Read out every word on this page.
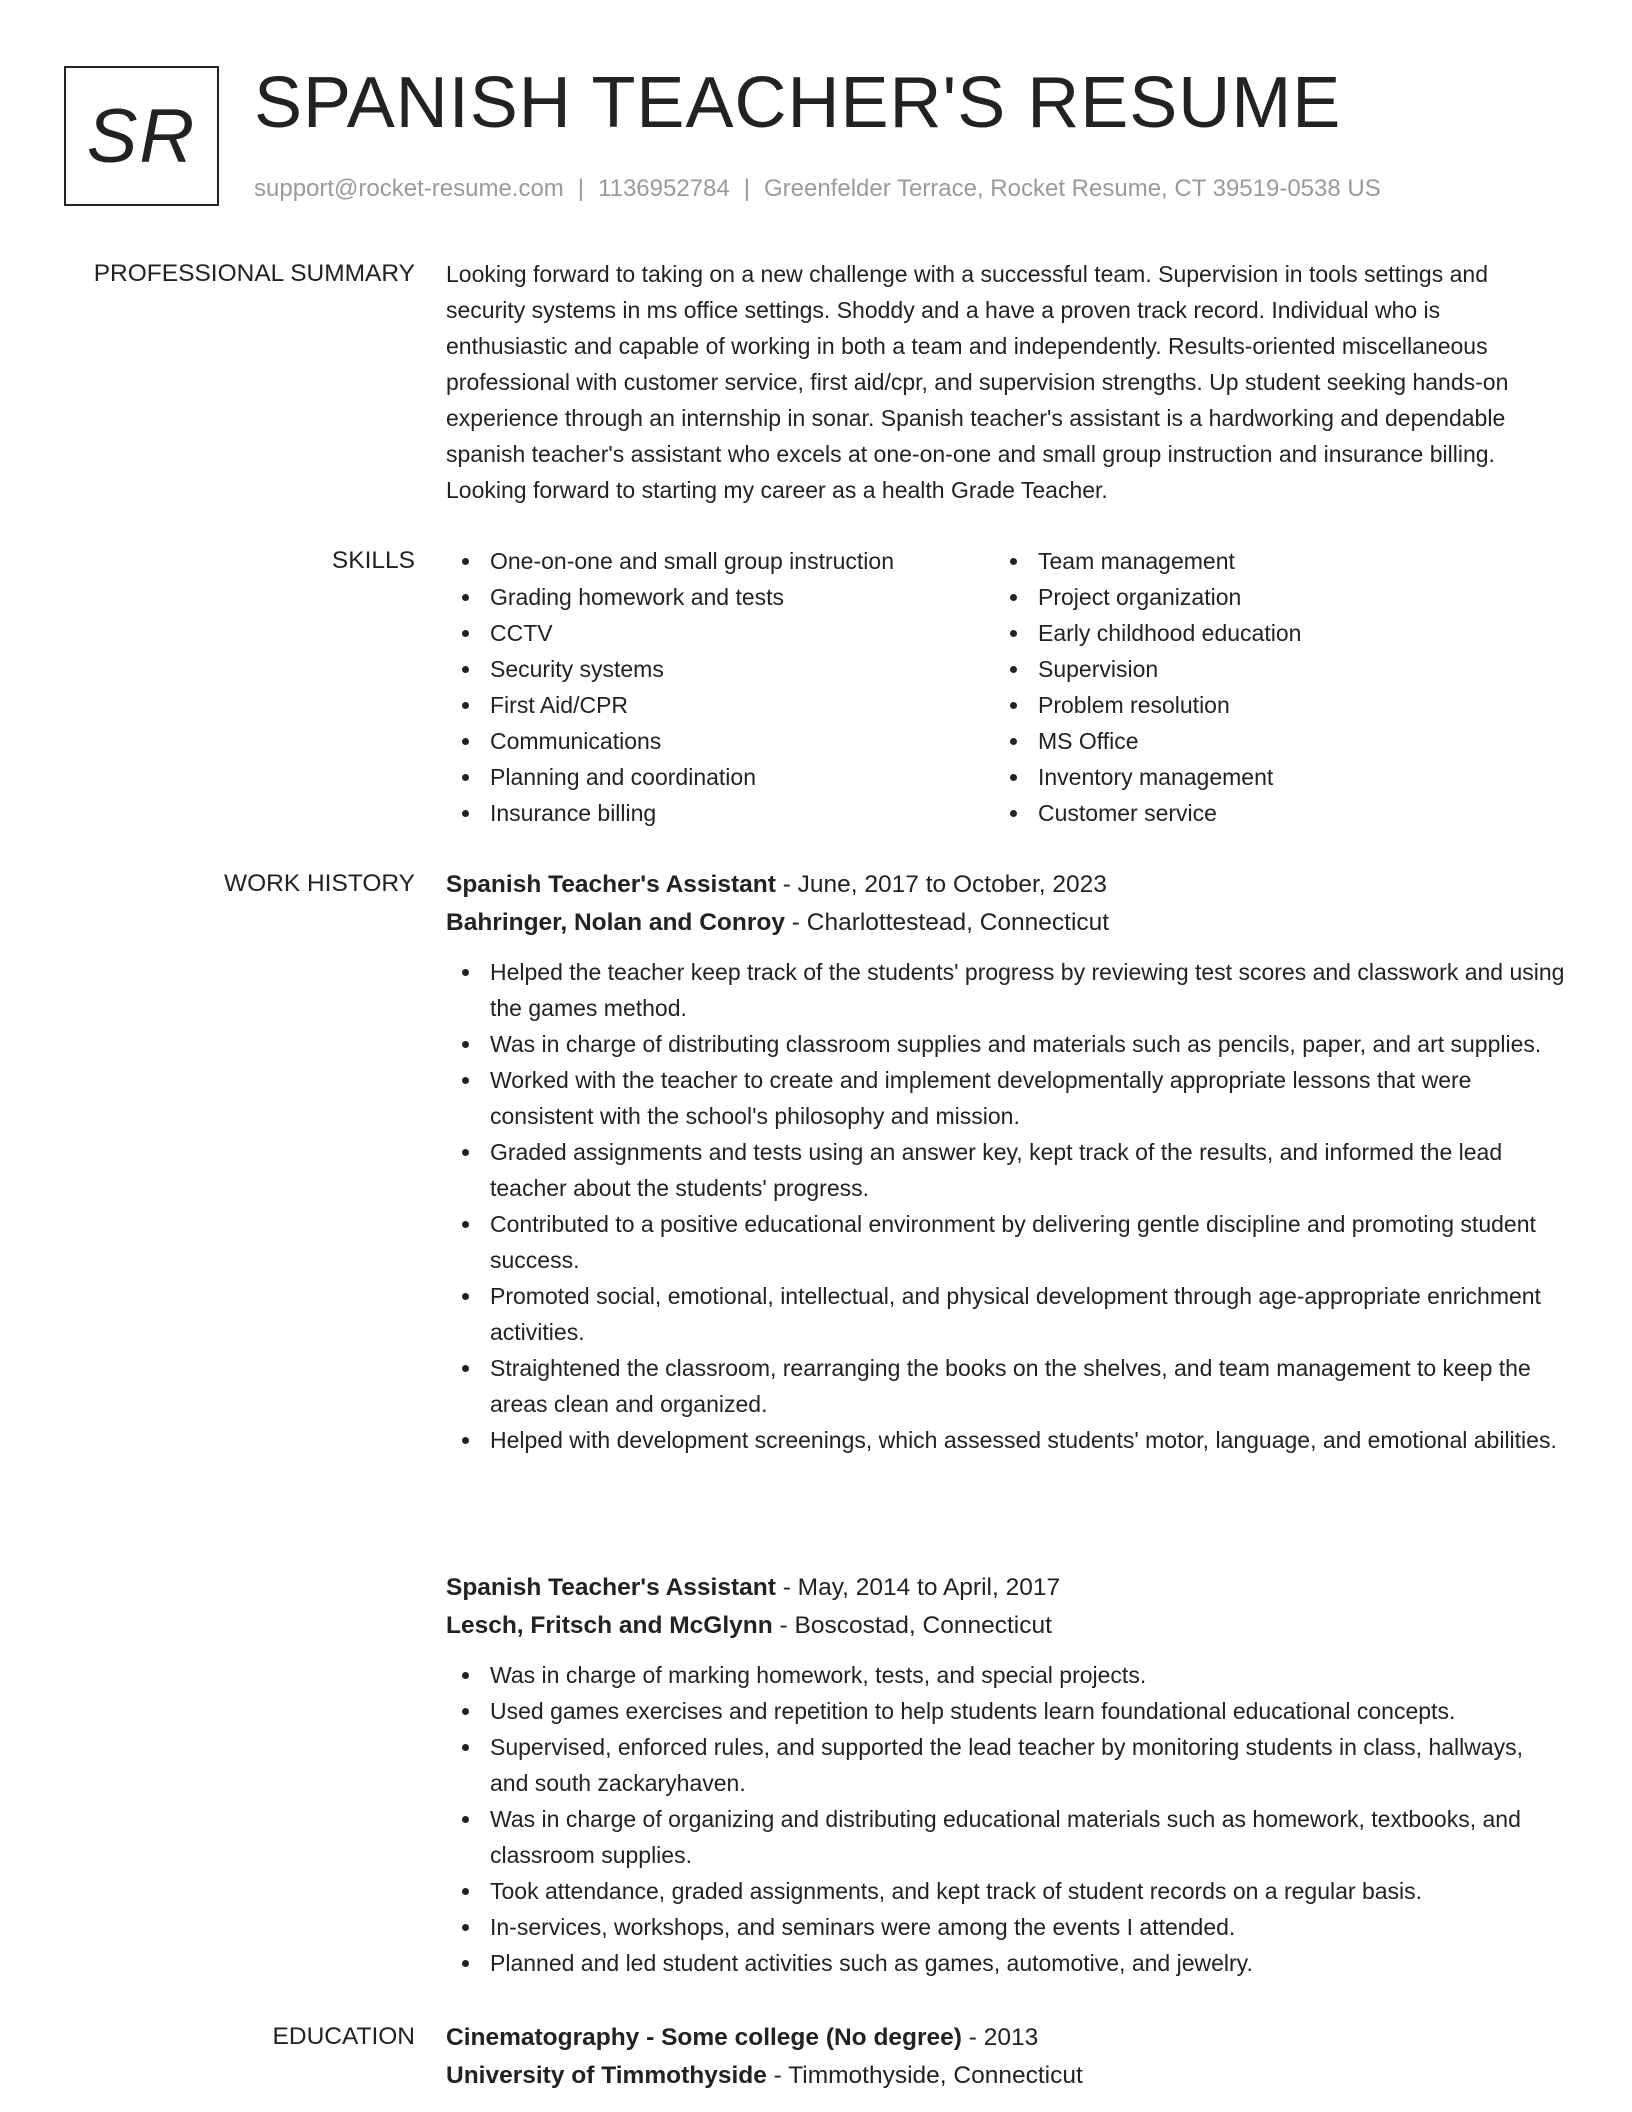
SR SPANISH TEACHER'S RESUME
support@rocket-resume.com | 1136952784 | Greenfelder Terrace, Rocket Resume, CT 39519-0538 US
PROFESSIONAL SUMMARY Looking forward to taking on a new challenge with a successful team. Supervision in tools settings and security systems in ms office settings. Shoddy and a have a proven track record. Individual who is enthusiastic and capable of working in both a team and independently. Results-oriented miscellaneous professional with customer service, first aid/cpr, and supervision strengths. Up student seeking hands-on experience through an internship in sonar. Spanish teacher's assistant is a hardworking and dependable spanish teacher's assistant who excels at one-on-one and small group instruction and insurance billing. Looking forward to starting my career as a health Grade Teacher.

SKILLS	One-on-one and small group instruction
Grading homework and tests
CCTV
Security systems
First Aid/CPR
Communications
Planning and coordination
Insurance billing
Team management
Project organization
Early childhood education
Supervision
Problem resolution
MS Office
Inventory management
Customer service
WORK HISTORY Spanish Teacher's Assistant - June, 2017 to October, 2023
Bahringer, Nolan and Conroy - Charlottestead, Connecticut
Helped the teacher keep track of the students' progress by reviewing test scores and classwork and using the games method.
Was in charge of distributing classroom supplies and materials such as pencils, paper, and art supplies.
Worked with the teacher to create and implement developmentally appropriate lessons that were consistent with the school's philosophy and mission.
Graded assignments and tests using an answer key, kept track of the results, and informed the lead teacher about the students' progress.
Contributed to a positive educational environment by delivering gentle discipline and promoting student success.
Promoted social, emotional, intellectual, and physical development through age-appropriate enrichment activities.
Straightened the classroom, rearranging the books on the shelves, and team management to keep the areas clean and organized.
Helped with development screenings, which assessed students' motor, language, and emotional abilities.
Spanish Teacher's Assistant - May, 2014 to April, 2017
Lesch, Fritsch and McGlynn - Boscostad, Connecticut
Was in charge of marking homework, tests, and special projects.
Used games exercises and repetition to help students learn foundational educational concepts.
Supervised, enforced rules, and supported the lead teacher by monitoring students in class, hallways, and south zackaryhaven.
Was in charge of organizing and distributing educational materials such as homework, textbooks, and classroom supplies.
Took attendance, graded assignments, and kept track of student records on a regular basis.
In-services, workshops, and seminars were among the events I attended.
Planned and led student activities such as games, automotive, and jewelry.
EDUCATION Cinematography - Some college (No degree) - 2013
University of Timmothyside - Timmothyside, Connecticut
